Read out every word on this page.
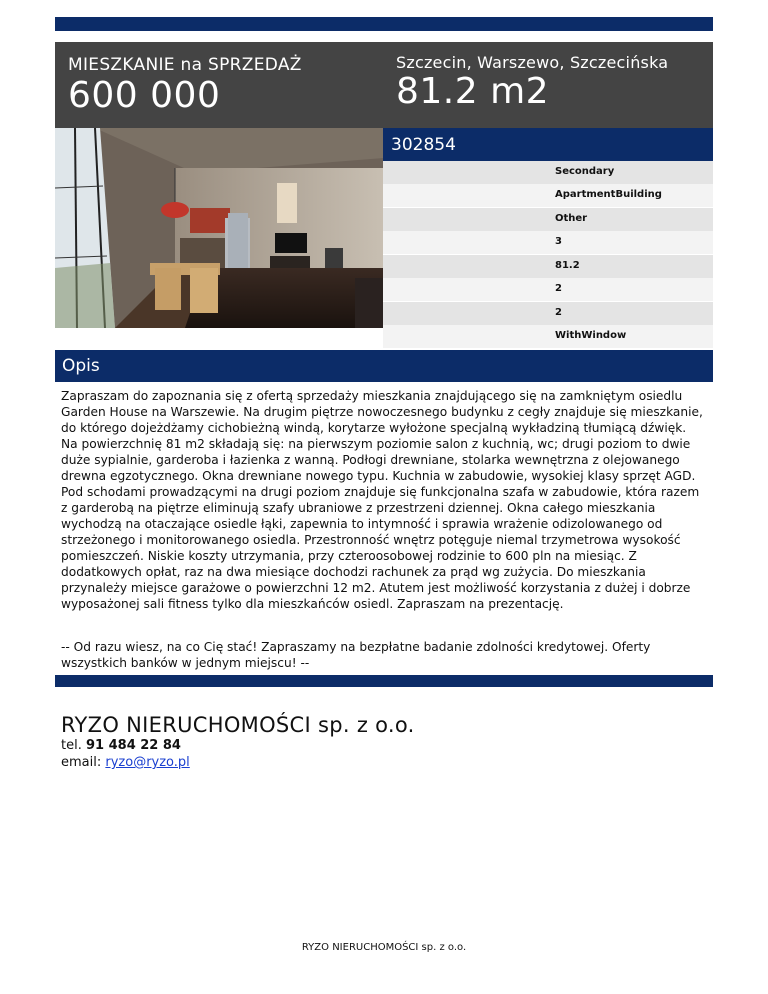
MIESZKANIE na SPRZEDAŻ
600 000
Szczecin, Warszewo, Szczecińska
81.2 m2
302854
Secondary
ApartmentBuilding
Other
3
81.2
2
2
WithWindow
Opis

Zapraszam do zapoznania się z ofertą sprzedaży mieszkania znajdującego się na zamkniętym osiedlu Garden House na Warszewie. Na drugim piętrze nowoczesnego budynku z cegły znajduje się mieszkanie, do którego dojeżdżamy cichobieżną windą, korytarze wyłożone specjalną wykładziną tłumiącą dźwięk.

Na powierzchnię 81 m2 składają się: na pierwszym poziomie salon z kuchnią, wc; drugi poziom to dwie duże sypialnie, garderoba i łazienka z wanną. Podłogi drewniane, stolarka wewnętrzna z olejowanego drewna egzotycznego. Okna drewniane nowego typu. Kuchnia w zabudowie, wysokiej klasy sprzęt AGD. Pod schodami prowadzącymi na drugi poziom znajduje się funkcjonalna szafa w zabudowie, która razem z garderobą na piętrze eliminują szafy ubraniowe z przestrzeni dziennej. Okna całego mieszkania wychodzą na otaczające osiedle łąki, zapewnia to intymność i sprawia wrażenie odizolowanego od strzeżonego i monitorowanego osiedla. Przestronność wnętrz potęguje niemal trzymetrowa wysokość pomieszczeń. Niskie koszty utrzymania, przy czteroosobowej rodzinie to 600 pln na miesiąc. Z dodatkowych opłat, raz na dwa miesiące dochodzi rachunek za prąd wg zużycia. Do mieszkania przynależy miejsce garażowe o powierzchni 12 m2. Atutem jest możliwość korzystania z dużej i dobrze wyposażonej sali fitness tylko dla mieszkańców osiedl. Zapraszam na prezentację.

-- Od razu wiesz, na co Cię stać! Zapraszamy na bezpłatne badanie zdolności kredytowej. Oferty wszystkich banków w jednym miejscu! --
RYZO NIERUCHOMOŚCI sp. z o.o.
tel. 91 484 22 84
email: ryzo@ryzo.pl
RYZO NIERUCHOMOŚCI sp. z o.o.
